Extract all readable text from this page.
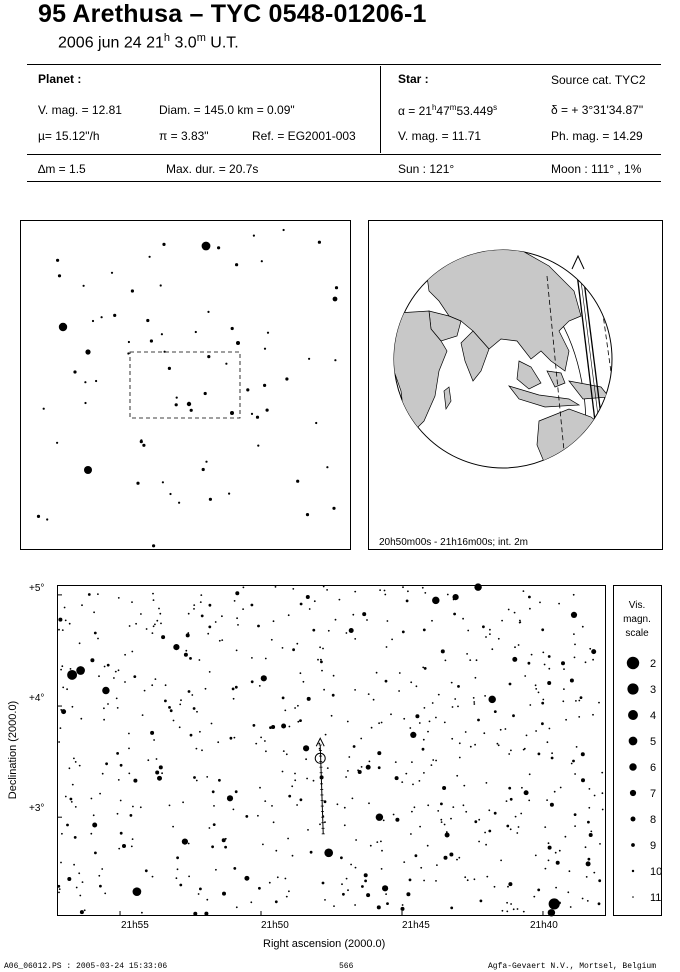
95 Arethusa – TYC 0548-01206-1
2006 jun 24 21$^h$ 3.0$^m$ U.T.
Planet :
V. mag. = 12.81	Diam. = 145.0 km = 0.09"
µ= 15.12"/h	π = 3.83"	Ref. = EG2001-003
Star :	Source cat. TYC2
$\alpha = 21^h47^m53.449^s$	δ = + 3°31'34.87"
V. mag. = 11.71	Ph. mag. = 14.29
∆m = 1.5	Max. dur. = 20.7s	Sun : 121°	Moon : 111° , 1%
20h50m00s - 21h16m00s; int. 2m
+5°
+4°
+3°
21h55	21h50	21h45	21h40
Right ascension (2000.0)
Declination (2000.0)
Vis.
magn.
scale
2
3
4
5
6
7
8
9
10
11
A06_06012.PS : 2005-03-24 15:33:06	566	Agfa-Gevaert N.V., Mortsel, Belgium
